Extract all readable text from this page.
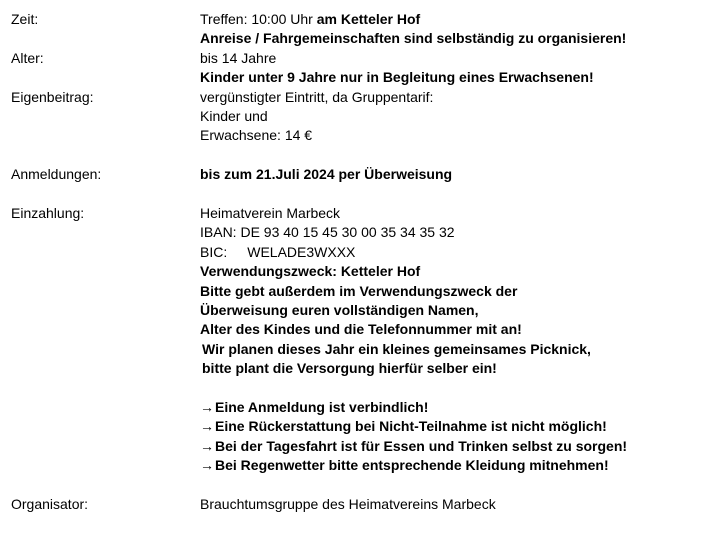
Zeit:	Treffen: 10:00 Uhr am Ketteler Hof
Anreise / Fahrgemeinschaften sind selbständig zu organisieren!
Alter:	bis 14 Jahre
Kinder unter 9 Jahre nur in Begleitung eines Erwachsenen!
Eigenbeitrag:	vergünstigter Eintritt, da Gruppentarif:
Kinder und
Erwachsene: 14 €
Anmeldungen:	bis zum 21.Juli 2024 per Überweisung
Einzahlung:	Heimatverein Marbeck
IBAN: DE 93 40 15 45 30 00 35 34 35 32
BIC: WELADE3WXXX
Verwendungszweck: Ketteler Hof
Bitte gebt außerdem im Verwendungszweck der
Überweisung euren vollständigen Namen,
Alter des Kindes und die Telefonnummer mit an!
Wir planen dieses Jahr ein kleines gemeinsames Picknick,
bitte plant die Versorgung hierfür selber ein!
→Eine Anmeldung ist verbindlich!
→Eine Rückerstattung bei Nicht-Teilnahme ist nicht möglich!
→Bei der Tagesfahrt ist für Essen und Trinken selbst zu sorgen!
→Bei Regenwetter bitte entsprechende Kleidung mitnehmen!
Organisator:	Brauchtumsgruppe des Heimatvereins Marbeck
